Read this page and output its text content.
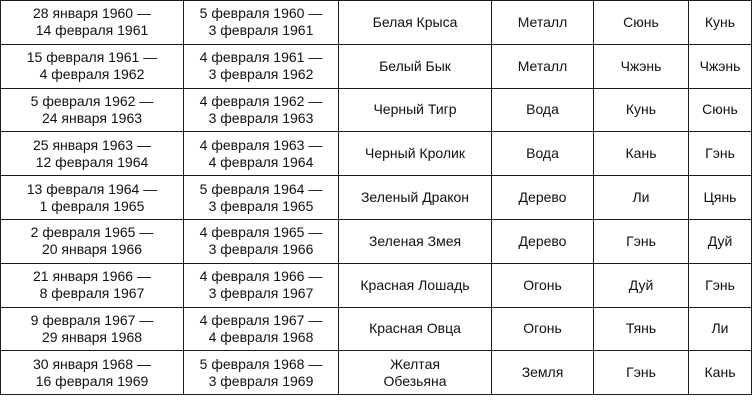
28 января 1960 —
14 февраля 1961	5 февраля 1960 —
3 февраля 1961	Белая Крыса	Металл	Сюнь	Кунь

15 февраля 1961 —
4 февраля 1962	4 февраля 1961 —
3 февраля 1962	Белый Бык	Металл	Чжэнь	Чжэнь

5 февраля 1962 —
24 января 1963	4 февраля 1962 —
3 февраля 1963	Черный Тигр	Вода	Кунь	Сюнь

25 января 1963 —
12 февраля 1964	4 февраля 1963 —
4 февраля 1964	Черный Кролик	Вода	Кань	Гэнь

13 февраля 1964 —
1 февраля 1965	5 февраля 1964 —
3 февраля 1965	Зеленый Дракон	Дерево	Ли	Цянь

2 февраля 1965 —
20 января 1966	4 февраля 1965 —
3 февраля 1966	Зеленая Змея	Дерево	Гэнь	Дуй

21 января 1966 —
8 февраля 1967	4 февраля 1966 —
3 февраля 1967	Красная Лошадь	Огонь	Дуй	Гэнь

9 февраля 1967 —
29 января 1968	4 февраля 1967 —
4 февраля 1968	Красная Овца	Огонь	Тянь	Ли

30 января 1968 —
16 февраля 1969	5 февраля 1968 —
3 февраля 1969	Желтая
Обезьяна	Земля	Гэнь	Кань
